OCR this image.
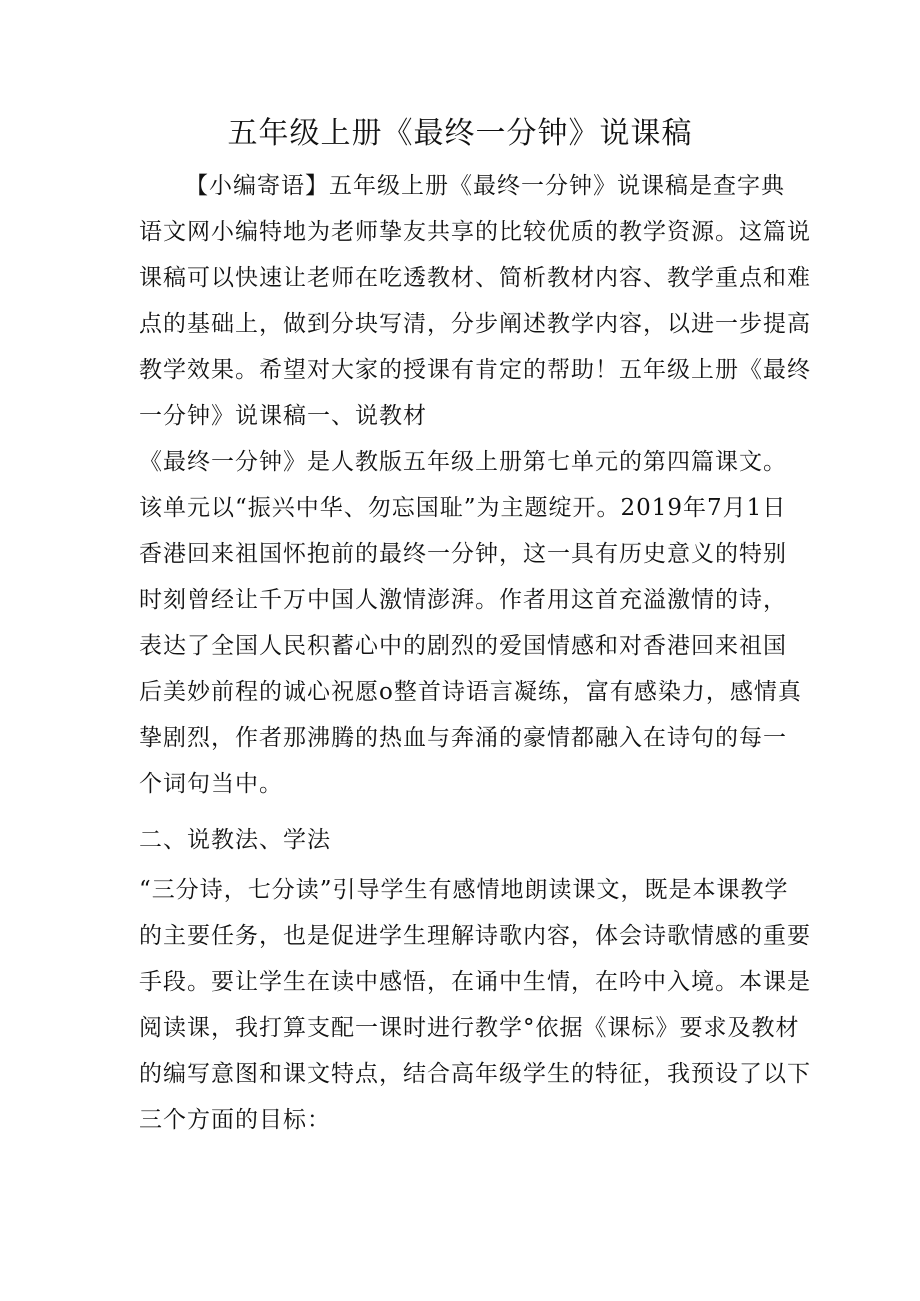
五年级上册《最终一分钟》说课稿
【小编寄语】五年级上册《最终一分钟》说课稿是查字典
语文网小编特地为老师挚友共享的比较优质的教学资源。这篇说
课稿可以快速让老师在吃透教材、简析教材内容、教学重点和难
点的基础上，做到分块写清，分步阐述教学内容，以进一步提高
教学效果。希望对大家的授课有肯定的帮助！五年级上册《最终
一分钟》说课稿一、说教材
《最终一分钟》是人教版五年级上册第七单元的第四篇课文。
该单元以“振兴中华、勿忘国耻”为主题绽开。2019年7月1日
香港回来祖国怀抱前的最终一分钟，这一具有历史意义的特别
时刻曾经让千万中国人激情澎湃。作者用这首充溢激情的诗，
表达了全国人民积蓄心中的剧烈的爱国情感和对香港回来祖国
后美妙前程的诚心祝愿o整首诗语言凝练，富有感染力，感情真
挚剧烈，作者那沸腾的热血与奔涌的豪情都融入在诗句的每一
个词句当中。
二、说教法、学法
“三分诗，七分读”引导学生有感情地朗读课文，既是本课教学
的主要任务，也是促进学生理解诗歌内容，体会诗歌情感的重要
手段。要让学生在读中感悟，在诵中生情，在吟中入境。本课是
阅读课，我打算支配一课时进行教学°依据《课标》要求及教材
的编写意图和课文特点，结合高年级学生的特征，我预设了以下
三个方面的目标：
